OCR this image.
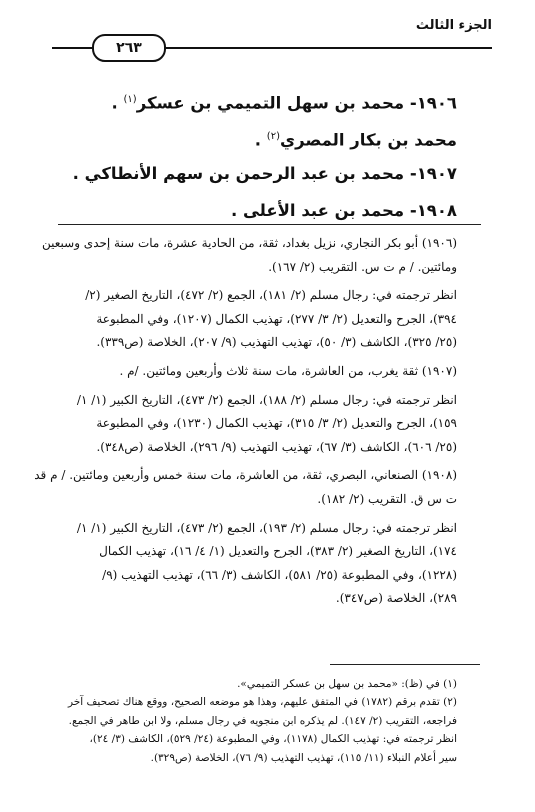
الجزء الثالث
٢٦٣
١٩٠٦- محمد بن سهل التميمي بن عسكر$^{(١)}$ .
محمد بن بكار المصري$^{(٢)}$ .
١٩٠٧- محمد بن عبد الرحمن بن سهم الأنطاكي .
١٩٠٨- محمد بن عبد الأعلى .

(١٩٠٦) أبو بكر النجاري، نزيل بغداد، ثقة، من الحادية عشرة، مات سنة إحدى وسبعين
ومائتين. / م ت س. التقريب (٢/ ١٦٧).

انظر ترجمته في: رجال مسلم (٢/ ١٨١)، الجمع (٢/ ٤٧٢)، التاريخ الصغير (٢/
٣٩٤)، الجرح والتعديل (٢/ ٣/ ٢٧٧)، تهذيب الكمال (١٢٠٧)، وفي المطبوعة
(٢٥/ ٣٢٥)، الكاشف (٣/ ٥٠)، تهذيب التهذيب (٩/ ٢٠٧)، الخلاصة (ص٣٣٩).

(١٩٠٧) ثقة يغرب، من العاشرة، مات سنة ثلاث وأربعين ومائتين. /م .

انظر ترجمته في: رجال مسلم (٢/ ١٨٨)، الجمع (٢/ ٤٧٣)، التاريخ الكبير (١/ ١/
١٥٩)، الجرح والتعديل (٢/ ٣/ ٣١٥)، تهذيب الكمال (١٢٣٠)، وفي المطبوعة
(٢٥/ ٦٠٦)، الكاشف (٣/ ٦٧)، تهذيب التهذيب (٩/ ٢٩٦)، الخلاصة (ص٣٤٨).

(١٩٠٨) الصنعاني، البصري، ثقة، من العاشرة، مات سنة خمس وأربعين ومائتين. / م قد
ت س ق. التقريب (٢/ ١٨٢).

انظر ترجمته في: رجال مسلم (٢/ ١٩٣)، الجمع (٢/ ٤٧٣)، التاريخ الكبير (١/ ١/
١٧٤)، التاريخ الصغير (٢/ ٣٨٣)، الجرح والتعديل (١/ ٤/ ١٦)، تهذيب الكمال
(١٢٢٨)، وفي المطبوعة (٢٥/ ٥٨١)، الكاشف (٣/ ٦٦)، تهذيب التهذيب (٩/
٢٨٩)، الخلاصة (ص٣٤٧).

(١) في (ظ): «محمد بن سهل بن عسكر التميمي».
(٢) تقدم برقم (١٧٨٢) في المتفق عليهم، وهذا هو موضعه الصحيح، ووقع هناك تصحيف آخر
فراجعه، التقريب (٢/ ١٤٧). لم يذكره ابن منجويه في رجال مسلم، ولا ابن طاهر في الجمع.
انظر ترجمته في: تهذيب الكمال (١١٧٨)، وفي المطبوعة (٢٤/ ٥٢٩)، الكاشف (٣/ ٢٤)،
سير أعلام النبلاء (١١/ ١١٥)، تهذيب التهذيب (٩/ ٧٦)، الخلاصة (ص٣٢٩).
